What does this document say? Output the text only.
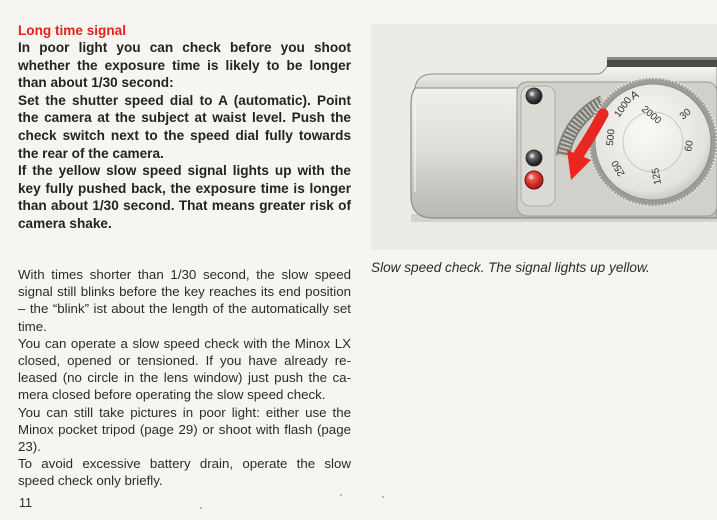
Long time signal

In poor light you can check before you shoot whether the exposure time is likely to be longer than about 1/30 second:

Set the shutter speed dial to A (automatic). Point the camera at the subject at waist level. Push the check switch next to the speed dial fully towards the rear of the camera.

If the yellow slow speed signal lights up with the key fully pushed back, the exposure time is longer than about 1/30 second. That means greater risk of camera shake.

With times shorter than 1/30 second, the slow speed signal still blinks before the key reaches its end position – the “blink” ist about the length of the automatically set time.

You can operate a slow speed check with the Minox LX closed, opened or tensioned. If you have already re-leased (no circle in the lens window) just push the ca-mera closed before operating the slow speed check.

You can still take pictures in poor light: either use the Minox pocket tripod (page 29) or shoot with flash (page 23).

To avoid excessive battery drain, operate the slow speed check only briefly.

11
A
1000
500
250 125
60
30
2000
Slow speed check. The signal lights up yellow.
